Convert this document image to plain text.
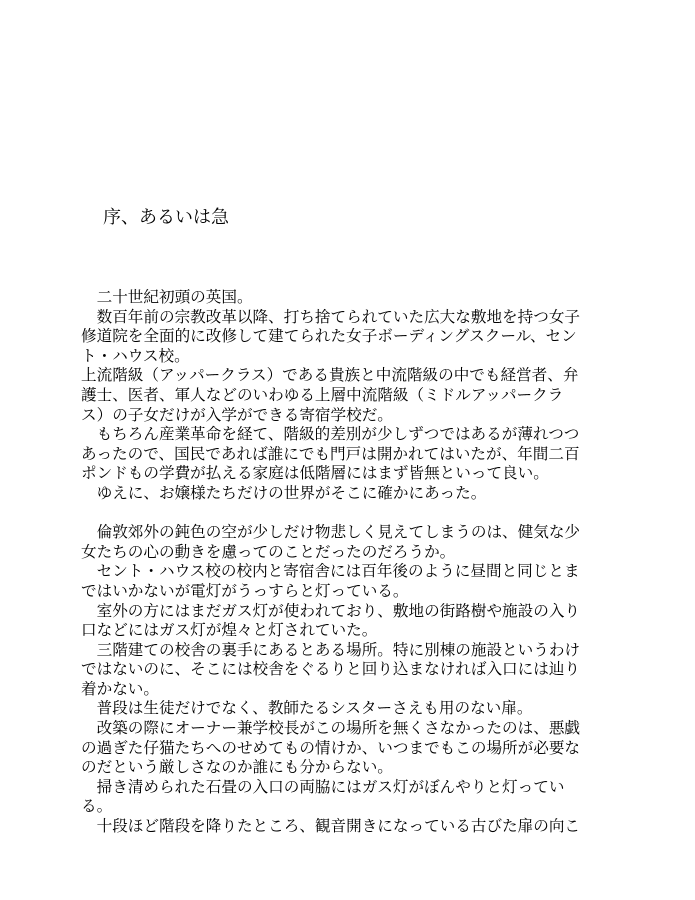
序、あるいは急
　二十世紀初頭の英国。
　数百年前の宗教改革以降、打ち捨てられていた広大な敷地を持つ女子
修道院を全面的に改修して建てられた女子ボーディングスクール、セン
ト・ハウス校。
上流階級（アッパークラス）である貴族と中流階級の中でも経営者、弁
護士、医者、軍人などのいわゆる上層中流階級（ミドルアッパークラ
ス）の子女だけが入学ができる寄宿学校だ。
　もちろん産業革命を経て、階級的差別が少しずつではあるが薄れつつ
あったので、国民であれば誰にでも門戸は開かれてはいたが、年間二百
ポンドもの学費が払える家庭は低階層にはまず皆無といって良い。
　ゆえに、お嬢様たちだけの世界がそこに確かにあった。
　倫敦郊外の鈍色の空が少しだけ物悲しく見えてしまうのは、健気な少
女たちの心の動きを慮ってのことだったのだろうか。
　セント・ハウス校の校内と寄宿舎には百年後のように昼間と同じとま
ではいかないが電灯がうっすらと灯っている。
　室外の方にはまだガス灯が使われており、敷地の街路樹や施設の入り
口などにはガス灯が煌々と灯されていた。
　三階建ての校舎の裏手にあるとある場所。特に別棟の施設というわけ
ではないのに、そこには校舎をぐるりと回り込まなければ入口には辿り
着かない。
　普段は生徒だけでなく、教師たるシスターさえも用のない扉。
　改築の際にオーナー兼学校長がこの場所を無くさなかったのは、悪戯
の過ぎた仔猫たちへのせめてもの情けか、いつまでもこの場所が必要な
のだという厳しさなのか誰にも分からない。
　掃き清められた石畳の入口の両脇にはガス灯がぼんやりと灯ってい
る。
　十段ほど階段を降りたところ、観音開きになっている古びた扉の向こ
